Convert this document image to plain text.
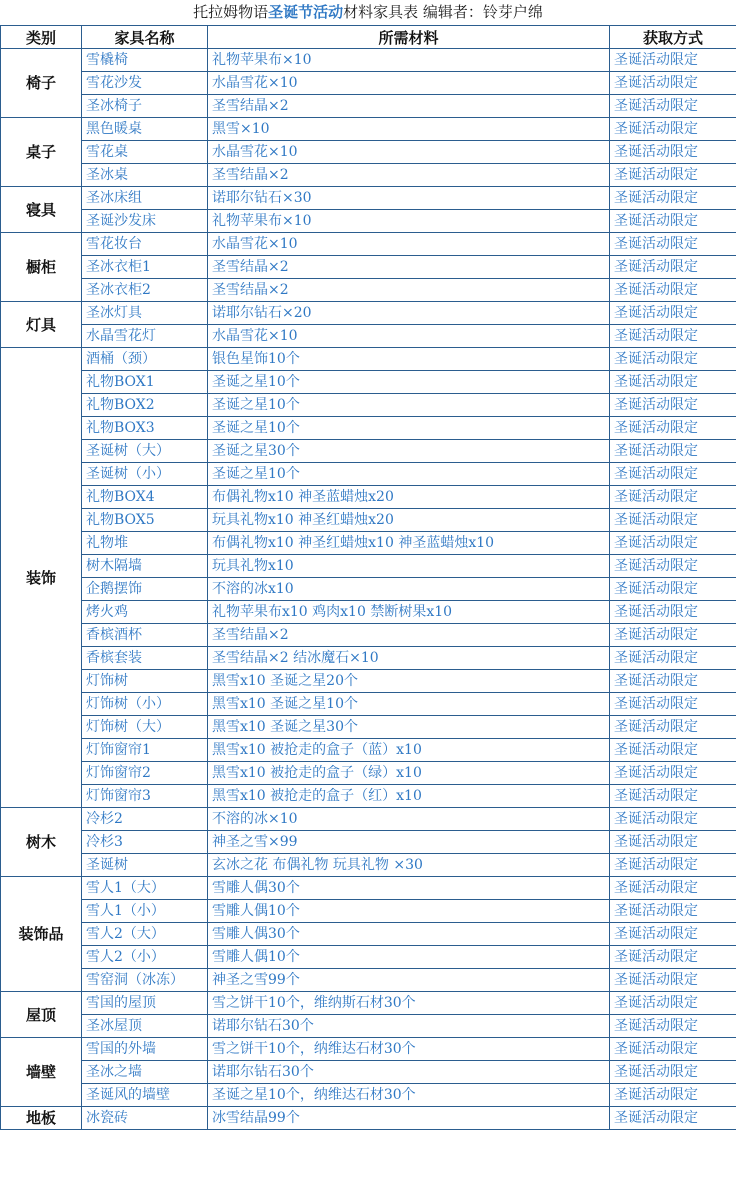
托拉姆物语圣诞节活动材料家具表 编辑者：铃芽户绵
类别	家具名称	所需材料	获取方式
椅子	雪橇椅	礼物苹果布×10	圣诞活动限定
	雪花沙发	水晶雪花×10	圣诞活动限定
	圣冰椅子	圣雪结晶×2	圣诞活动限定
桌子	黑色暖桌	黑雪×10	圣诞活动限定
	雪花桌	水晶雪花×10	圣诞活动限定
	圣冰桌	圣雪结晶×2	圣诞活动限定
寝具	圣冰床组	诺耶尔钻石×30	圣诞活动限定
	圣诞沙发床	礼物苹果布×10	圣诞活动限定
橱柜	雪花妆台	水晶雪花×10	圣诞活动限定
	圣冰衣柜1	圣雪结晶×2	圣诞活动限定
	圣冰衣柜2	圣雪结晶×2	圣诞活动限定
灯具	圣冰灯具	诺耶尔钻石×20	圣诞活动限定
	水晶雪花灯	水晶雪花×10	圣诞活动限定
装饰	酒桶（颈）	银色星饰10个	圣诞活动限定
	礼物BOX1	圣诞之星10个	圣诞活动限定
	礼物BOX2	圣诞之星10个	圣诞活动限定
	礼物BOX3	圣诞之星10个	圣诞活动限定
	圣诞树（大）	圣诞之星30个	圣诞活动限定
	圣诞树（小）	圣诞之星10个	圣诞活动限定
	礼物BOX4	布偶礼物x10 神圣蓝蜡烛x20	圣诞活动限定
	礼物BOX5	玩具礼物x10 神圣红蜡烛x20	圣诞活动限定
	礼物堆	布偶礼物x10 神圣红蜡烛x10 神圣蓝蜡烛x10	圣诞活动限定
	树木隔墙	玩具礼物x10	圣诞活动限定
	企鹅摆饰	不溶的冰x10	圣诞活动限定
	烤火鸡	礼物苹果布x10 鸡肉x10 禁断树果x10	圣诞活动限定
	香槟酒杯	圣雪结晶×2	圣诞活动限定
	香槟套装	圣雪结晶×2 结冰魔石×10	圣诞活动限定
	灯饰树	黑雪x10 圣诞之星20个	圣诞活动限定
	灯饰树（小）	黑雪x10 圣诞之星10个	圣诞活动限定
	灯饰树（大）	黑雪x10 圣诞之星30个	圣诞活动限定
	灯饰窗帘1	黑雪x10 被抢走的盒子（蓝）x10	圣诞活动限定
	灯饰窗帘2	黑雪x10 被抢走的盒子（绿）x10	圣诞活动限定
	灯饰窗帘3	黑雪x10 被抢走的盒子（红）x10	圣诞活动限定
树木	冷杉2	不溶的冰×10	圣诞活动限定
	冷杉3	神圣之雪×99	圣诞活动限定
	圣诞树	玄冰之花 布偶礼物 玩具礼物 ×30	圣诞活动限定
装饰品	雪人1（大）	雪雕人偶30个	圣诞活动限定
	雪人1（小）	雪雕人偶10个	圣诞活动限定
	雪人2（大）	雪雕人偶30个	圣诞活动限定
	雪人2（小）	雪雕人偶10个	圣诞活动限定
	雪窑洞（冰冻）	神圣之雪99个	圣诞活动限定
屋顶	雪国的屋顶	雪之饼干10个，维纳斯石材30个	圣诞活动限定
	圣冰屋顶	诺耶尔钻石30个	圣诞活动限定
墙壁	雪国的外墙	雪之饼干10个，纳维达石材30个	圣诞活动限定
	圣冰之墙	诺耶尔钻石30个	圣诞活动限定
	圣诞风的墙壁	圣诞之星10个，纳维达石材30个	圣诞活动限定
地板	冰瓷砖	冰雪结晶99个	圣诞活动限定
